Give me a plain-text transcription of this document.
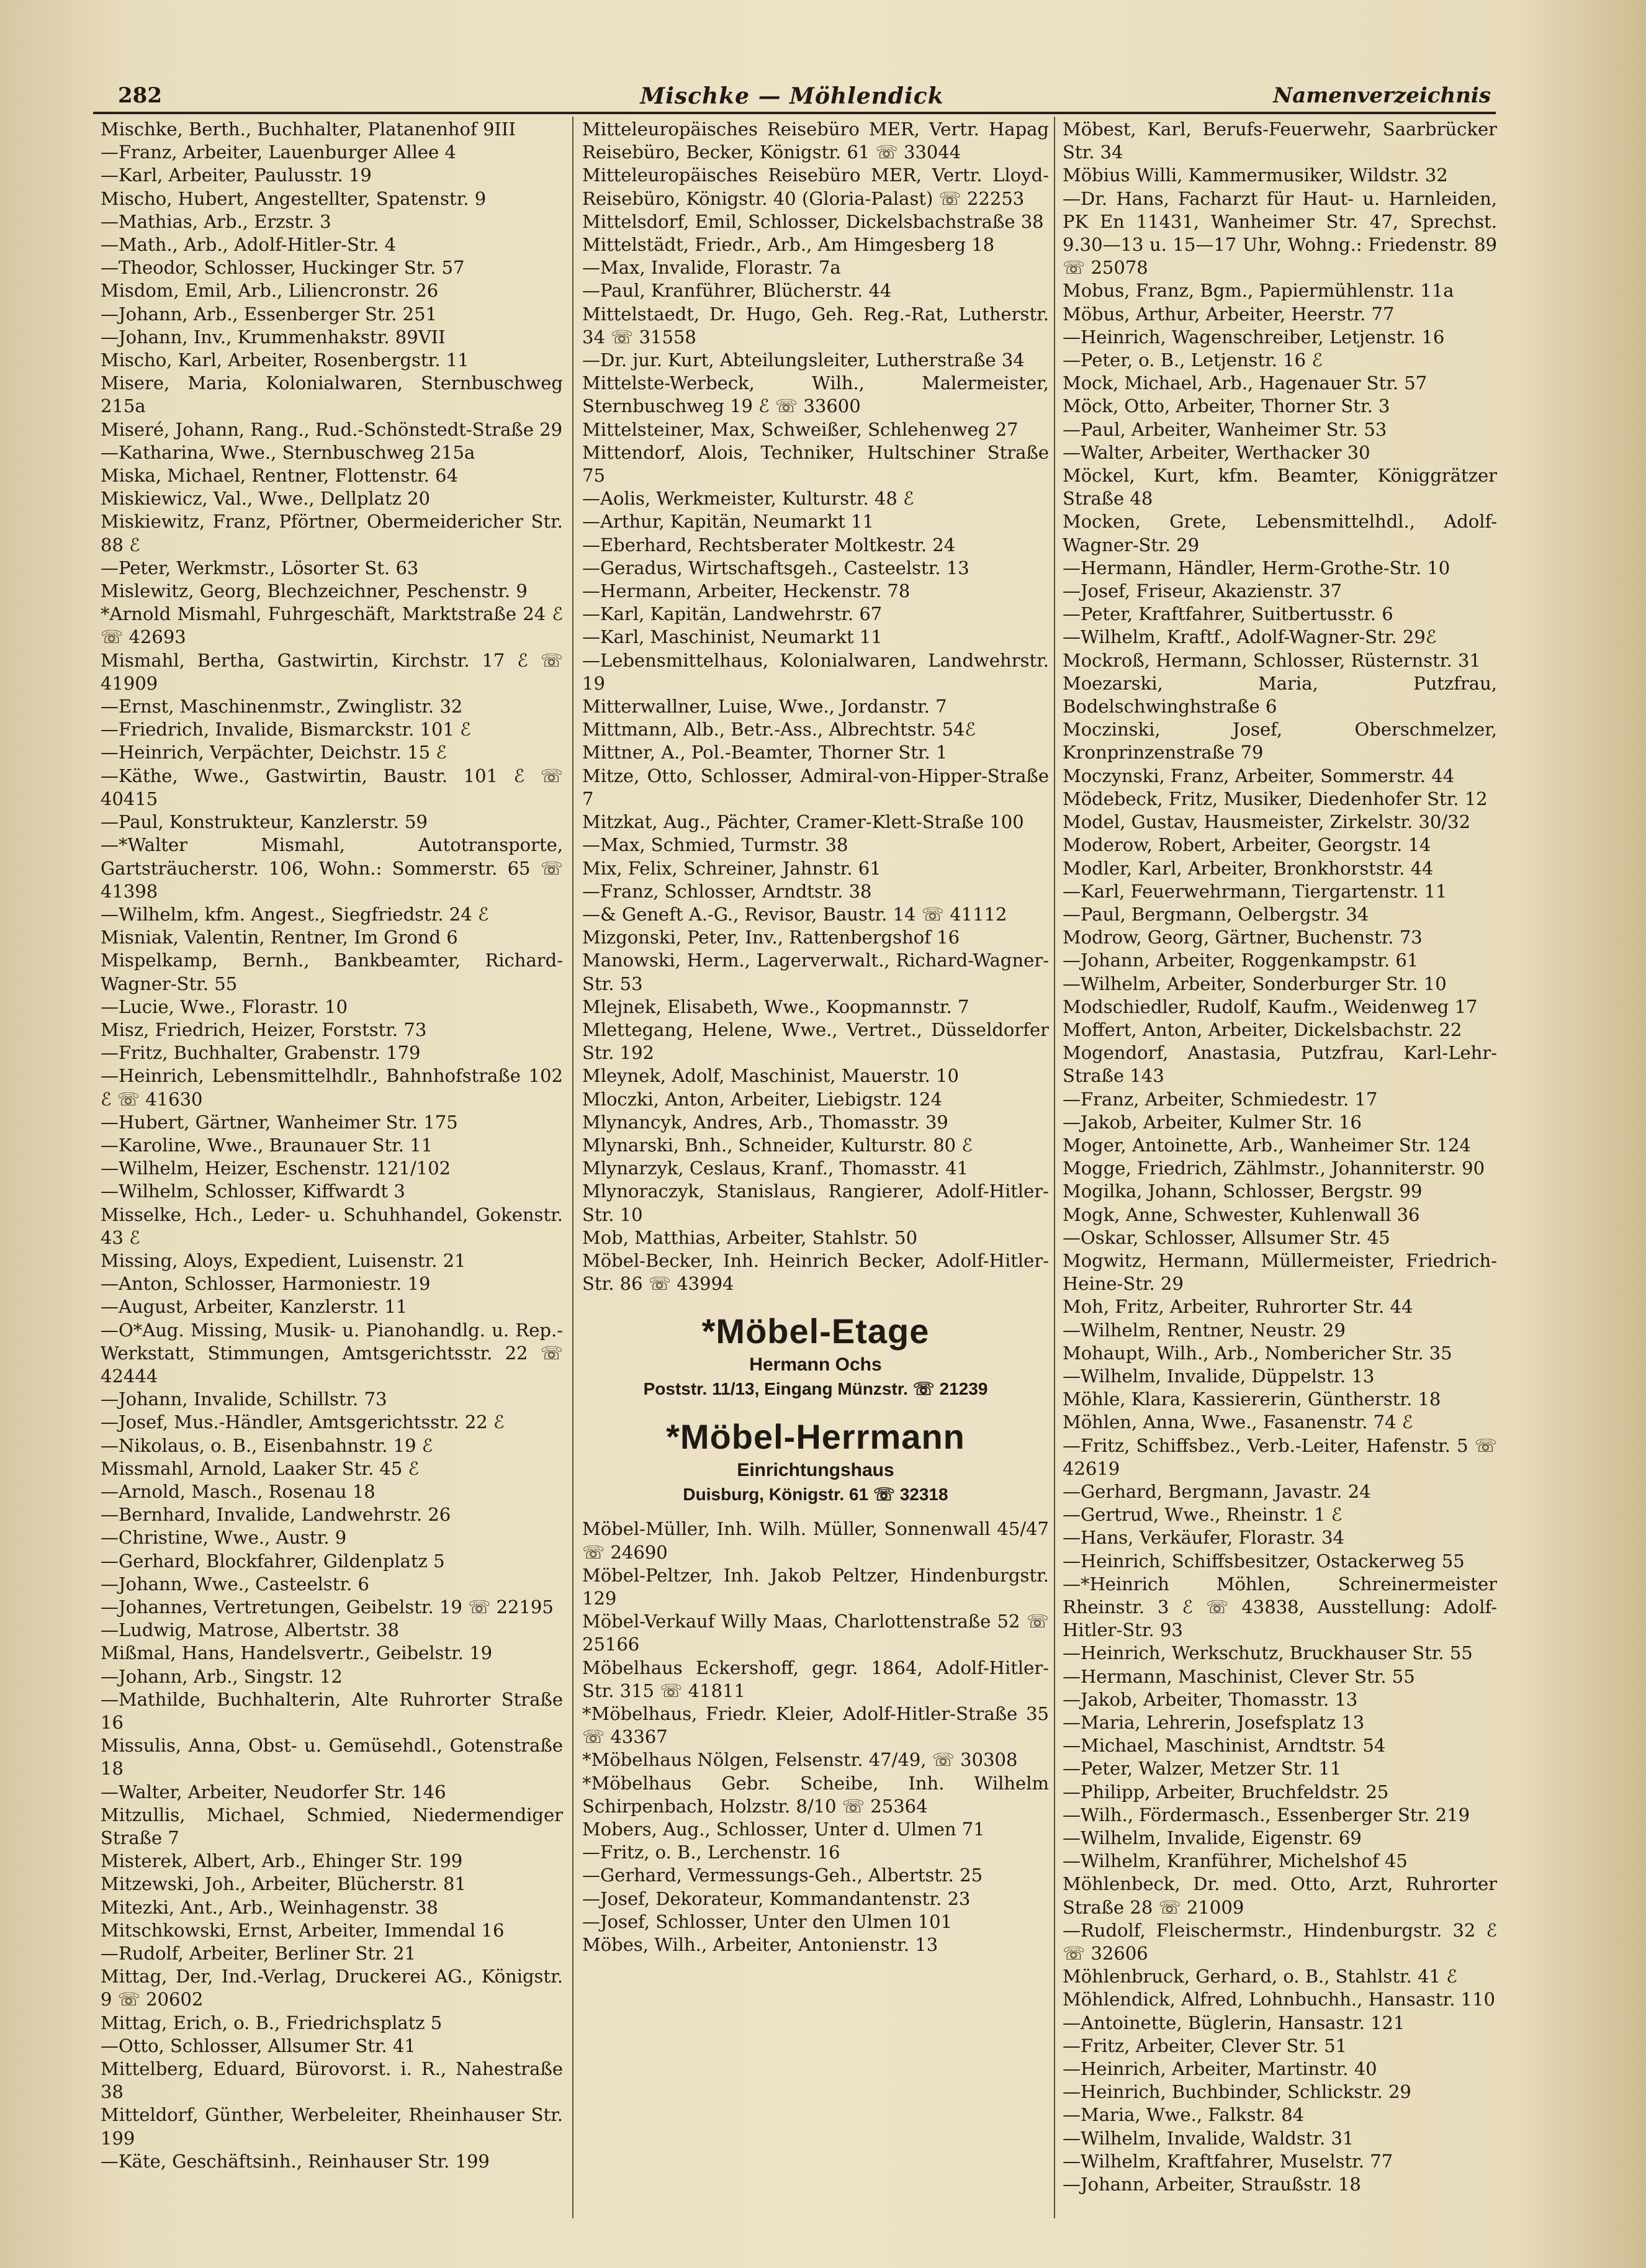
282	Mischke — Möhlendick	Namenverzeichnis
Mischke, Berth., Buchhalter, Platanenhof 9III
—Franz, Arbeiter, Lauenburger Allee 4
—Karl, Arbeiter, Paulusstr. 19
Mischo, Hubert, Angestellter, Spatenstr. 9
—Mathias, Arb., Erzstr. 3
—Math., Arb., Adolf-Hitler-Str. 4
—Theodor, Schlosser, Huckinger Str. 57
Misdom, Emil, Arb., Liliencronstr. 26
—Johann, Arb., Essenberger Str. 251
—Johann, Inv., Krummenhakstr. 89VII
Mischo, Karl, Arbeiter, Rosenbergstr. 11
Misere, Maria, Kolonialwaren, Sternbuschweg 215a
Miseré, Johann, Rang., Rud.-Schönstedt-Straße 29
—Katharina, Wwe., Sternbuschweg 215a
Miska, Michael, Rentner, Flottenstr. 64
Miskiewicz, Val., Wwe., Dellplatz 20
Miskiewitz, Franz, Pförtner, Obermeidericher Str. 88 ℰ
—Peter, Werkmstr., Lösorter St. 63
Mislewitz, Georg, Blechzeichner, Peschenstr. 9
*Arnold Mismahl, Fuhrgeschäft, Marktstraße 24 ℰ ☏ 42693
Mismahl, Bertha, Gastwirtin, Kirchstr. 17 ℰ ☏ 41909
—Ernst, Maschinenmstr., Zwinglistr. 32
—Friedrich, Invalide, Bismarckstr. 101 ℰ
—Heinrich, Verpächter, Deichstr. 15 ℰ
—Käthe, Wwe., Gastwirtin, Baustr. 101 ℰ ☏ 40415
—Paul, Konstrukteur, Kanzlerstr. 59
—*Walter Mismahl, Autotransporte, Gartsträucherstr. 106, Wohn.: Sommerstr. 65 ☏ 41398
—Wilhelm, kfm. Angest., Siegfriedstr. 24 ℰ
Misniak, Valentin, Rentner, Im Grond 6
Mispelkamp, Bernh., Bankbeamter, Richard-Wagner-Str. 55
—Lucie, Wwe., Florastr. 10
Misz, Friedrich, Heizer, Forststr. 73
—Fritz, Buchhalter, Grabenstr. 179
—Heinrich, Lebensmittelhdlr., Bahnhofstraße 102 ℰ ☏ 41630
—Hubert, Gärtner, Wanheimer Str. 175
—Karoline, Wwe., Braunauer Str. 11
—Wilhelm, Heizer, Eschenstr. 121/102
—Wilhelm, Schlosser, Kiffwardt 3
Misselke, Hch., Leder- u. Schuhhandel, Gokenstr. 43 ℰ
Missing, Aloys, Expedient, Luisenstr. 21
—Anton, Schlosser, Harmoniestr. 19
—August, Arbeiter, Kanzlerstr. 11
—O*Aug. Missing, Musik- u. Pianohandlg. u. Rep.-Werkstatt, Stimmungen, Amtsgerichtsstr. 22 ☏ 42444
—Johann, Invalide, Schillstr. 73
—Josef, Mus.-Händler, Amtsgerichtsstr. 22 ℰ
—Nikolaus, o. B., Eisenbahnstr. 19 ℰ
Missmahl, Arnold, Laaker Str. 45 ℰ
—Arnold, Masch., Rosenau 18
—Bernhard, Invalide, Landwehrstr. 26
—Christine, Wwe., Austr. 9
—Gerhard, Blockfahrer, Gildenplatz 5
—Johann, Wwe., Casteelstr. 6
—Johannes, Vertretungen, Geibelstr. 19 ☏ 22195
—Ludwig, Matrose, Albertstr. 38
Mißmal, Hans, Handelsvertr., Geibelstr. 19
—Johann, Arb., Singstr. 12
—Mathilde, Buchhalterin, Alte Ruhrorter Straße 16
Missulis, Anna, Obst- u. Gemüsehdl., Gotenstraße 18
—Walter, Arbeiter, Neudorfer Str. 146
Mitzullis, Michael, Schmied, Niedermendiger Straße 7
Misterek, Albert, Arb., Ehinger Str. 199
Mitzewski, Joh., Arbeiter, Blücherstr. 81
Mitezki, Ant., Arb., Weinhagenstr. 38
Mitschkowski, Ernst, Arbeiter, Immendal 16
—Rudolf, Arbeiter, Berliner Str. 21
Mittag, Der, Ind.-Verlag, Druckerei AG., Königstr. 9 ☏ 20602
Mittag, Erich, o. B., Friedrichsplatz 5
—Otto, Schlosser, Allsumer Str. 41
Mittelberg, Eduard, Bürovorst. i. R., Nahestraße 38
Mitteldorf, Günther, Werbeleiter, Rheinhauser Str. 199
—Käte, Geschäftsinh., Reinhauser Str. 199
Mitteleuropäisches Reisebüro MER, Vertr. Hapag Reisebüro, Becker, Königstr. 61 ☏ 33044
Mitteleuropäisches Reisebüro MER, Vertr. Lloyd-Reisebüro, Königstr. 40 (Gloria-Palast) ☏ 22253
Mittelsdorf, Emil, Schlosser, Dickelsbachstraße 38
Mittelstädt, Friedr., Arb., Am Himgesberg 18
—Max, Invalide, Florastr. 7a
—Paul, Kranführer, Blücherstr. 44
Mittelstaedt, Dr. Hugo, Geh. Reg.-Rat, Lutherstr. 34 ☏ 31558
—Dr. jur. Kurt, Abteilungsleiter, Lutherstraße 34
Mittelste-Werbeck, Wilh., Malermeister, Sternbuschweg 19 ℰ ☏ 33600
Mittelsteiner, Max, Schweißer, Schlehenweg 27
Mittendorf, Alois, Techniker, Hultschiner Straße 75
—Aolis, Werkmeister, Kulturstr. 48 ℰ
—Arthur, Kapitän, Neumarkt 11
—Eberhard, Rechtsberater Moltkestr. 24
—Geradus, Wirtschaftsgeh., Casteelstr. 13
—Hermann, Arbeiter, Heckenstr. 78
—Karl, Kapitän, Landwehrstr. 67
—Karl, Maschinist, Neumarkt 11
—Lebensmittelhaus, Kolonialwaren, Landwehrstr. 19
Mitterwallner, Luise, Wwe., Jordanstr. 7
Mittmann, Alb., Betr.-Ass., Albrechtstr. 54ℰ
Mittner, A., Pol.-Beamter, Thorner Str. 1
Mitze, Otto, Schlosser, Admiral-von-Hipper-Straße 7
Mitzkat, Aug., Pächter, Cramer-Klett-Straße 100
—Max, Schmied, Turmstr. 38
Mix, Felix, Schreiner, Jahnstr. 61
—Franz, Schlosser, Arndtstr. 38
—& Geneft A.-G., Revisor, Baustr. 14 ☏ 41112
Mizgonski, Peter, Inv., Rattenbergshof 16
Manowski, Herm., Lagerverwalt., Richard-Wagner-Str. 53
Mlejnek, Elisabeth, Wwe., Koopmannstr. 7
Mlettegang, Helene, Wwe., Vertret., Düsseldorfer Str. 192
Mleynek, Adolf, Maschinist, Mauerstr. 10
Mloczki, Anton, Arbeiter, Liebigstr. 124
Mlynancyk, Andres, Arb., Thomasstr. 39
Mlynarski, Bnh., Schneider, Kulturstr. 80 ℰ
Mlynarzyk, Ceslaus, Kranf., Thomasstr. 41
Mlynoraczyk, Stanislaus, Rangierer, Adolf-Hitler-Str. 10
Mob, Matthias, Arbeiter, Stahlstr. 50
Möbel-Becker, Inh. Heinrich Becker, Adolf-Hitler-Str. 86 ☏ 43994
*Möbel-Etage
Hermann Ochs
Poststr. 11/13, Eingang Münzstr. ☏ 21239
*Möbel-Herrmann
Einrichtungshaus
Duisburg, Königstr. 61 ☏ 32318
Möbel-Müller, Inh. Wilh. Müller, Sonnenwall 45/47 ☏ 24690
Möbel-Peltzer, Inh. Jakob Peltzer, Hindenburgstr. 129
Möbel-Verkauf Willy Maas, Charlottenstraße 52 ☏ 25166
Möbelhaus Eckershoff, gegr. 1864, Adolf-Hitler-Str. 315 ☏ 41811
*Möbelhaus, Friedr. Kleier, Adolf-Hitler-Straße 35 ☏ 43367
*Möbelhaus Nölgen, Felsenstr. 47/49, ☏ 30308
*Möbelhaus Gebr. Scheibe, Inh. Wilhelm Schirpenbach, Holzstr. 8/10 ☏ 25364
Mobers, Aug., Schlosser, Unter d. Ulmen 71
—Fritz, o. B., Lerchenstr. 16
—Gerhard, Vermessungs-Geh., Albertstr. 25
—Josef, Dekorateur, Kommandantenstr. 23
—Josef, Schlosser, Unter den Ulmen 101
Möbes, Wilh., Arbeiter, Antonienstr. 13
Möbest, Karl, Berufs-Feuerwehr, Saarbrücker Str. 34
Möbius Willi, Kammermusiker, Wildstr. 32
—Dr. Hans, Facharzt für Haut- u. Harnleiden, PK En 11431, Wanheimer Str. 47, Sprechst. 9.30—13 u. 15—17 Uhr, Wohng.: Friedenstr. 89 ☏ 25078
Mobus, Franz, Bgm., Papiermühlenstr. 11a
Möbus, Arthur, Arbeiter, Heerstr. 77
—Heinrich, Wagenschreiber, Letjenstr. 16
—Peter, o. B., Letjenstr. 16 ℰ
Mock, Michael, Arb., Hagenauer Str. 57
Möck, Otto, Arbeiter, Thorner Str. 3
—Paul, Arbeiter, Wanheimer Str. 53
—Walter, Arbeiter, Werthacker 30
Möckel, Kurt, kfm. Beamter, Königgrätzer Straße 48
Mocken, Grete, Lebensmittelhdl., Adolf-Wagner-Str. 29
—Hermann, Händler, Herm-Grothe-Str. 10
—Josef, Friseur, Akazienstr. 37
—Peter, Kraftfahrer, Suitbertusstr. 6
—Wilhelm, Kraftf., Adolf-Wagner-Str. 29ℰ
Mockroß, Hermann, Schlosser, Rüsternstr. 31
Moezarski, Maria, Putzfrau, Bodelschwinghstraße 6
Moczinski, Josef, Oberschmelzer, Kronprinzenstraße 79
Moczynski, Franz, Arbeiter, Sommerstr. 44
Mödebeck, Fritz, Musiker, Diedenhofer Str. 12
Model, Gustav, Hausmeister, Zirkelstr. 30/32
Moderow, Robert, Arbeiter, Georgstr. 14
Modler, Karl, Arbeiter, Bronkhorststr. 44
—Karl, Feuerwehrmann, Tiergartenstr. 11
—Paul, Bergmann, Oelbergstr. 34
Modrow, Georg, Gärtner, Buchenstr. 73
—Johann, Arbeiter, Roggenkampstr. 61
—Wilhelm, Arbeiter, Sonderburger Str. 10
Modschiedler, Rudolf, Kaufm., Weidenweg 17
Moffert, Anton, Arbeiter, Dickelsbachstr. 22
Mogendorf, Anastasia, Putzfrau, Karl-Lehr-Straße 143
—Franz, Arbeiter, Schmiedestr. 17
—Jakob, Arbeiter, Kulmer Str. 16
Moger, Antoinette, Arb., Wanheimer Str. 124
Mogge, Friedrich, Zählmstr., Johanniterstr. 90
Mogilka, Johann, Schlosser, Bergstr. 99
Mogk, Anne, Schwester, Kuhlenwall 36
—Oskar, Schlosser, Allsumer Str. 45
Mogwitz, Hermann, Müllermeister, Friedrich-Heine-Str. 29
Moh, Fritz, Arbeiter, Ruhrorter Str. 44
—Wilhelm, Rentner, Neustr. 29
Mohaupt, Wilh., Arb., Nombericher Str. 35
—Wilhelm, Invalide, Düppelstr. 13
Möhle, Klara, Kassiererin, Güntherstr. 18
Möhlen, Anna, Wwe., Fasanenstr. 74 ℰ
—Fritz, Schiffsbez., Verb.-Leiter, Hafenstr. 5 ☏ 42619
—Gerhard, Bergmann, Javastr. 24
—Gertrud, Wwe., Rheinstr. 1 ℰ
—Hans, Verkäufer, Florastr. 34
—Heinrich, Schiffsbesitzer, Ostackerweg 55
—*Heinrich Möhlen, Schreinermeister Rheinstr. 3 ℰ ☏ 43838, Ausstellung: Adolf-Hitler-Str. 93
—Heinrich, Werkschutz, Bruckhauser Str. 55
—Hermann, Maschinist, Clever Str. 55
—Jakob, Arbeiter, Thomasstr. 13
—Maria, Lehrerin, Josefsplatz 13
—Michael, Maschinist, Arndtstr. 54
—Peter, Walzer, Metzer Str. 11
—Philipp, Arbeiter, Bruchfeldstr. 25
—Wilh., Fördermasch., Essenberger Str. 219
—Wilhelm, Invalide, Eigenstr. 69
—Wilhelm, Kranführer, Michelshof 45
Möhlenbeck, Dr. med. Otto, Arzt, Ruhrorter Straße 28 ☏ 21009
—Rudolf, Fleischermstr., Hindenburgstr. 32 ℰ ☏ 32606
Möhlenbruck, Gerhard, o. B., Stahlstr. 41 ℰ
Möhlendick, Alfred, Lohnbuchh., Hansastr. 110
—Antoinette, Büglerin, Hansastr. 121
—Fritz, Arbeiter, Clever Str. 51
—Heinrich, Arbeiter, Martinstr. 40
—Heinrich, Buchbinder, Schlickstr. 29
—Maria, Wwe., Falkstr. 84
—Wilhelm, Invalide, Waldstr. 31
—Wilhelm, Kraftfahrer, Muselstr. 77
—Johann, Arbeiter, Straußstr. 18
